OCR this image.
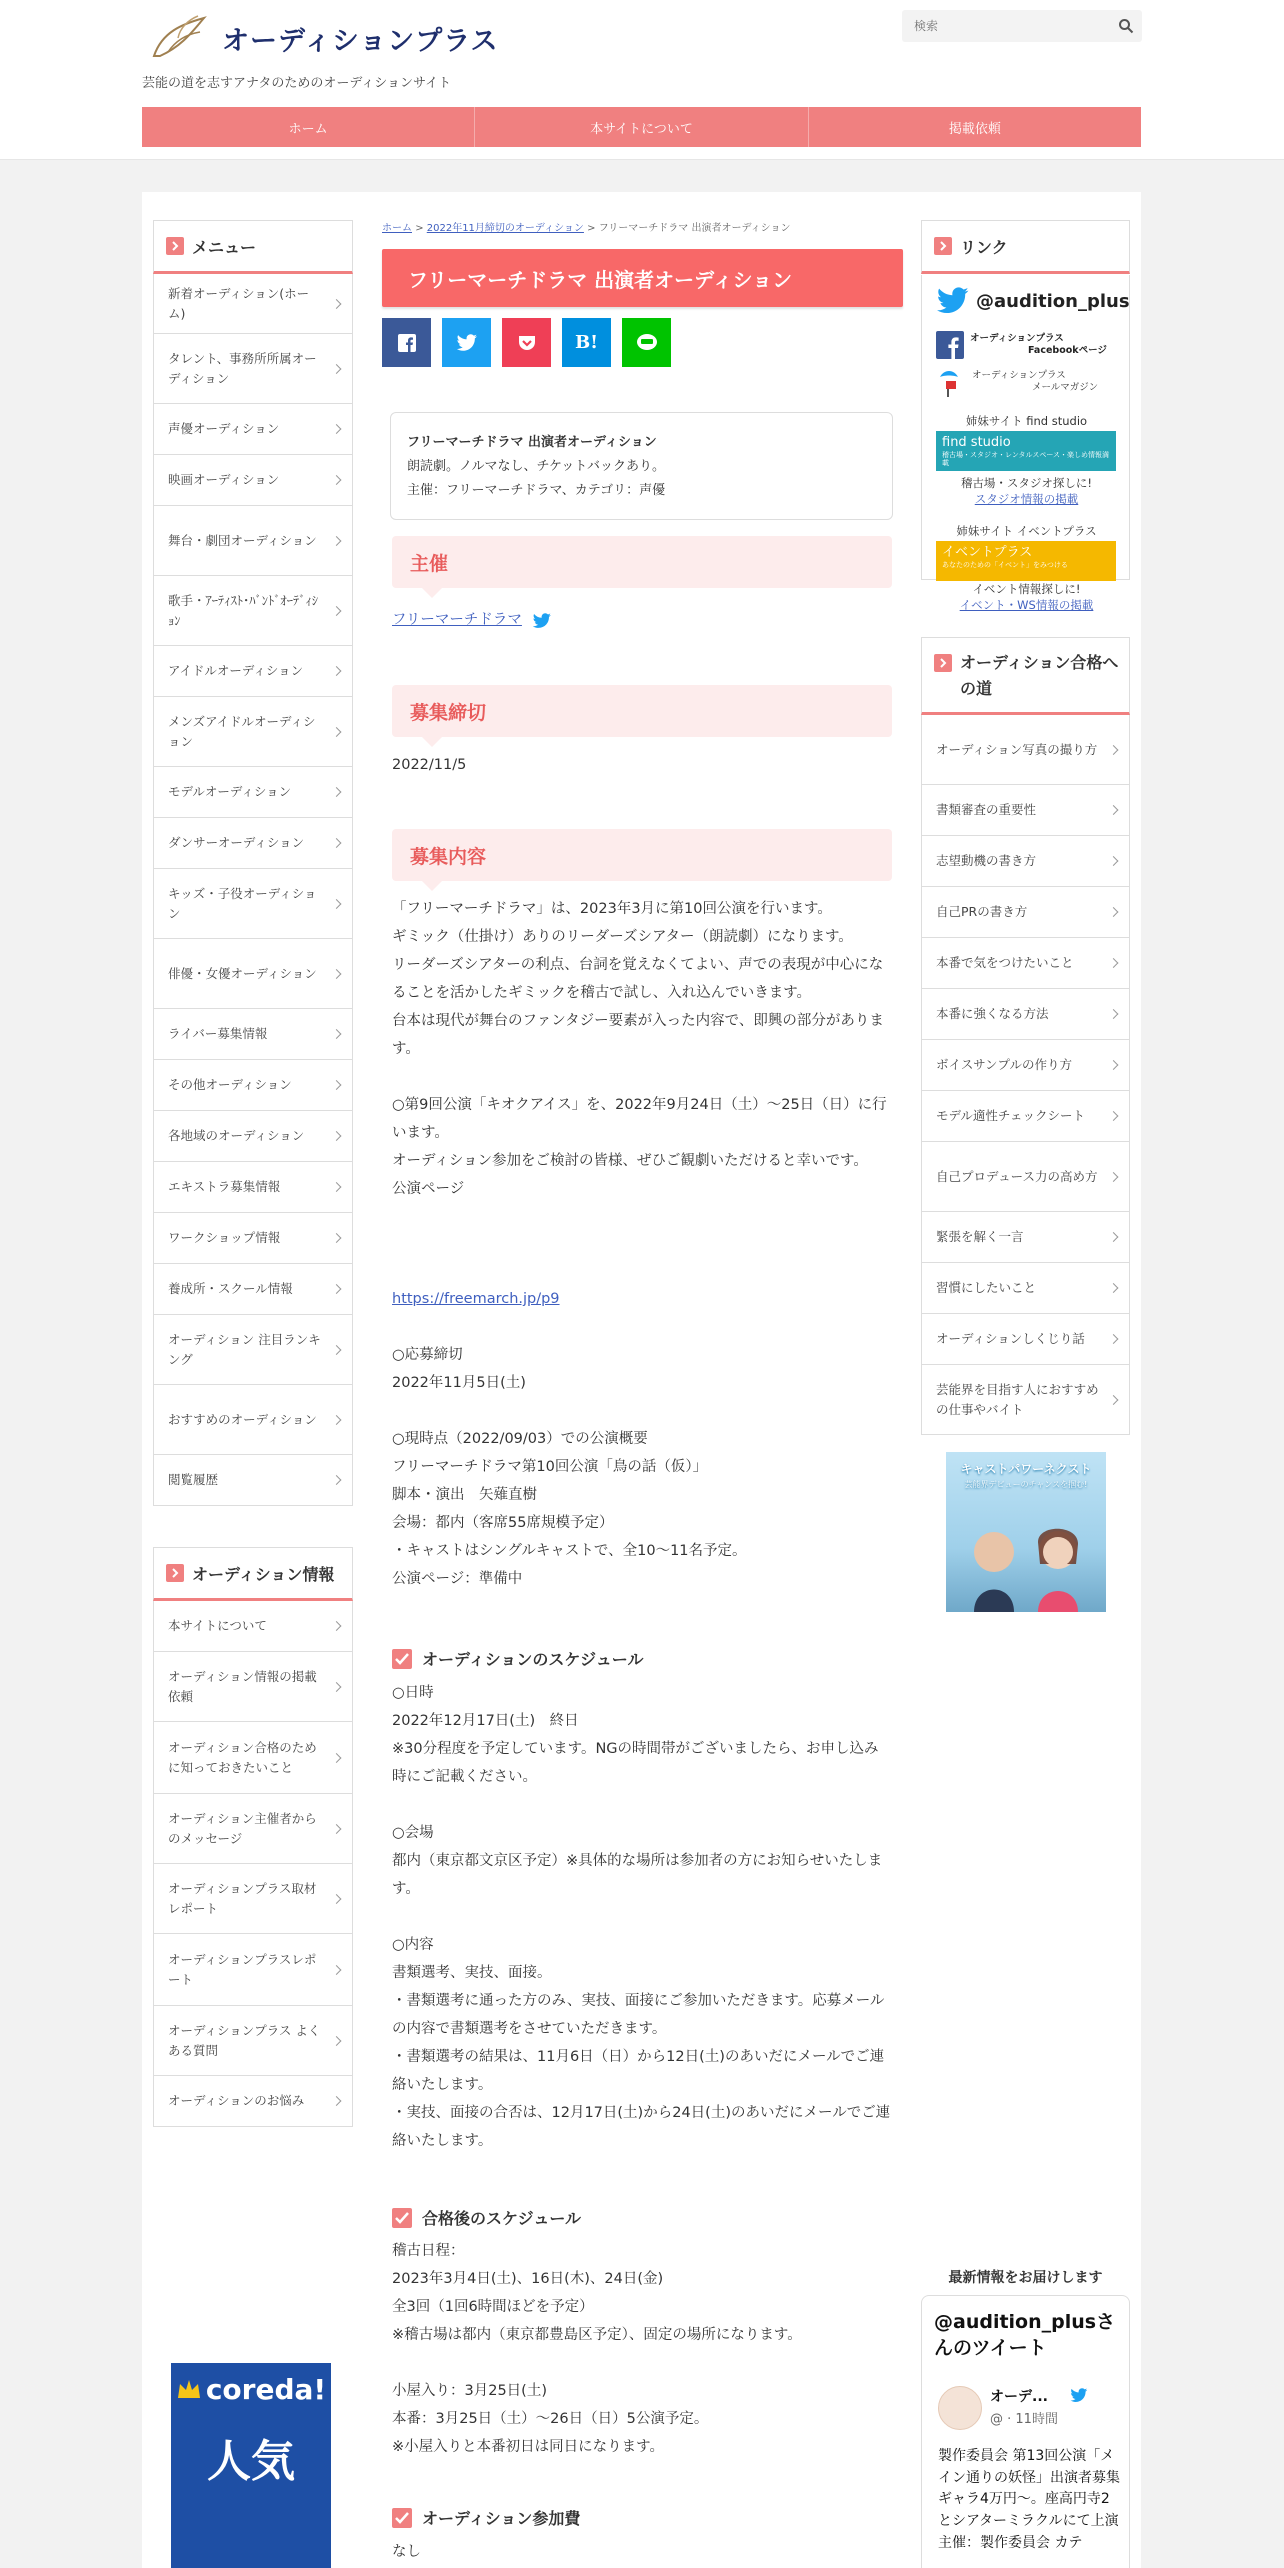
オーディションプラス
芸能の道を志すアナタのためのオーディションサイト
検索
ホーム	本サイトについて	掲載依頼
メニュー
新着オーディション(ホーム)
タレント、事務所所属オーディション
声優オーディション
映画オーディション
舞台・劇団オーディション
歌手・ｱｰﾃｨｽﾄ･ﾊﾞﾝﾄﾞｵｰﾃﾞｨｼｮﾝ
アイドルオーディション
メンズアイドルオーディション
モデルオーディション
ダンサーオーディション
キッズ・子役オーディション
俳優・女優オーディション
ライバー募集情報
その他オーディション
各地域のオーディション
エキストラ募集情報
ワークショップ情報
養成所・スクール情報
オーディション 注目ランキング
おすすめのオーディション
閲覧履歴
オーディション情報
本サイトについて
オーディション情報の掲載依頼
オーディション合格のために知っておきたいこと
オーディション主催者からのメッセージ
オーディションプラス取材レポート
オーディションプラスレポート
オーディションプラス よくある質問
オーディションのお悩み
coreda!
人気
ホーム > 2022年11月締切のオーディション > フリーマーチドラマ 出演者オーディション
フリーマーチドラマ 出演者オーディション
B!
フリーマーチドラマ 出演者オーディション
朗読劇。ノルマなし、チケットバックあり。
主催：フリーマーチドラマ、カテゴリ：声優
主催
フリーマーチドラマ
募集締切
2022/11/5
募集内容
「フリーマーチドラマ」は、2023年3月に第10回公演を行います。
ギミック（仕掛け）ありのリーダーズシアター（朗読劇）になります。
リーダーズシアターの利点、台詞を覚えなくてよい、声での表現が中心になることを活かしたギミックを稽古で試し、入れ込んでいきます。
台本は現代が舞台のファンタジー要素が入った内容で、即興の部分があります。

○第9回公演「キオクアイス」を、2022年9月24日（土）～25日（日）に行います。
オーディション参加をご検討の皆様、ぜひご観劇いただけると幸いです。
公演ページ
https://freemarch.jp/p9
○応募締切
2022年11月5日(土)

○現時点（2022/09/03）での公演概要
フリーマーチドラマ第10回公演「鳥の話（仮）」
脚本・演出　矢薙直樹
会場：都内（客席55席規模予定）
・キャストはシングルキャストで、全10～11名予定。
公演ページ：準備中
オーディションのスケジュール
○日時
2022年12月17日(土)　終日
※30分程度を予定しています。NGの時間帯がございましたら、お申し込み時にご記載ください。

○会場
都内（東京都文京区予定）※具体的な場所は参加者の方にお知らせいたします。

○内容
書類選考、実技、面接。
・書類選考に通った方のみ、実技、面接にご参加いただきます。応募メールの内容で書類選考をさせていただきます。
・書類選考の結果は、11月6日（日）から12日(土)のあいだにメールでご連絡いたします。
・実技、面接の合否は、12月17日(土)から24日(土)のあいだにメールでご連絡いたします。
合格後のスケジュール
稽古日程：
2023年3月4日(土)、16日(木)、24日(金)
全3回（1回6時間ほどを予定）
※稽古場は都内（東京都豊島区予定）、固定の場所になります。

小屋入り：3月25日(土)
本番：3月25日（土）～26日（日）5公演予定。
※小屋入りと本番初日は同日になります。
オーディション参加費
なし
リンク
@audition_plus
オーディションプラス
Facebookページ
オーディションプラス
メールマガジン
姉妹サイト find studio
find studio
稽古場・スタジオ・レンタルスペース・楽しめ情報満載
稽古場・スタジオ探しに!
スタジオ情報の掲載
姉妹サイト イベントプラス
イベントプラス
あなたのための「イベント」をみつける
イベント情報探しに!
イベント・WS情報の掲載
オーディション合格への道
オーディション写真の撮り方
書類審査の重要性
志望動機の書き方
自己PRの書き方
本番で気をつけたいこと
本番に強くなる方法
ボイスサンプルの作り方
モデル適性チェックシート
自己プロデュース力の高め方
緊張を解く一言
習慣にしたいこと
オーディションしくじり話
芸能界を目指す人におすすめの仕事やバイト
キャストパワーネクスト
芸能界デビューのチャンスを掴む!
最新情報をお届けします
@audition_plusさんのツイート
オーデ...
@ · 11時間
製作委員会 第13回公演「メイン通りの妖怪」出演者募集
ギャラ4万円〜。座高円寺2とシアターミラクルにて上演
主催：製作委員会 カテ
